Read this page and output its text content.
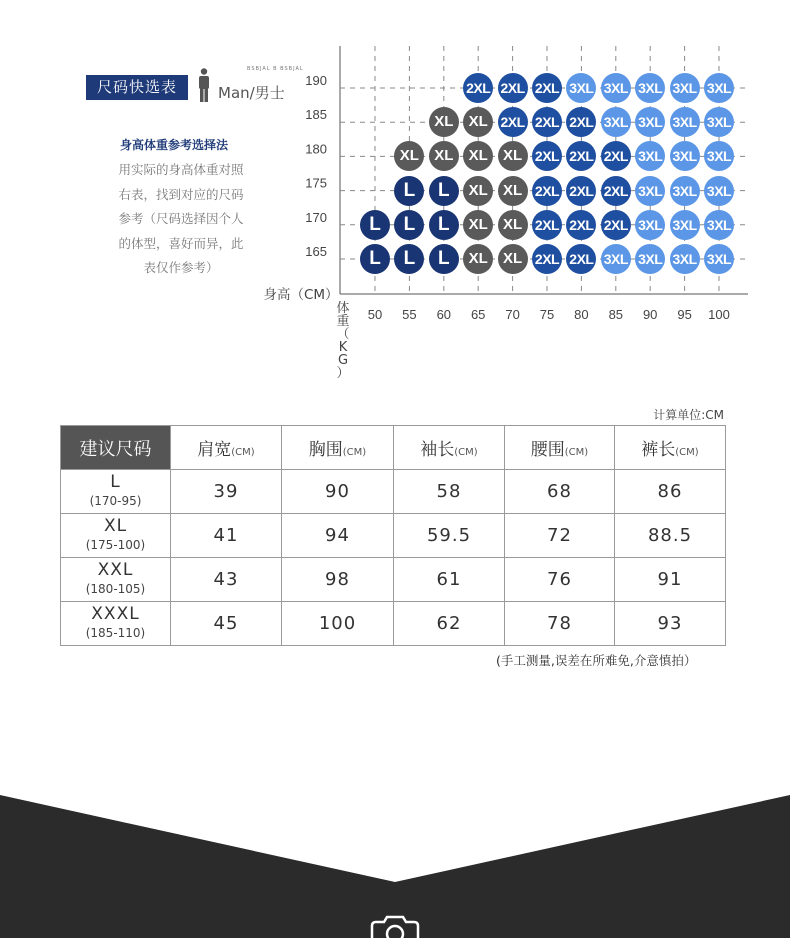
尺码快选表
BSBJAL B BSBJAL
Man/男士
身高体重参考选择法
用实际的身高体重对照
右表，找到对应的尺码
参考（尺码选择因个人
的体型，喜好而异，此
表仅作参考）
50 55 60 65 70 75 80 85 90 95 100
190
185
180
175
170
165
身高（CM）
体
重
（
K
G
）
2XL 2XL 2XL 3XL 3XL 3XL 3XL 3XL
XL	XL 2XL 2XL 2XL 3XL 3XL 3XL 3XL
XL	XL	XL	XL 2XL 2XL 2XL 3XL 3XL 3XL
L	L	XL	XL 2XL 2XL 2XL 3XL 3XL 3XL
L	L	L	XL	XL 2XL 2XL 2XL 3XL 3XL 3XL
L	L	L	XL	XL 2XL 2XL 3XL 3XL 3XL 3XL
计算单位:CM
建议尺码	肩宽(CM)	胸围(CM)	袖长(CM)	腰围(CM)	裤长(CM)
L
(170-95)	39	90	58	68	86
XL
(175-100)	41	94	59.5	72	88.5
XXL
(180-105)	43	98	61	76	91
XXXL
(185-110)	45	100	62	78	93
(手工测量,误差在所难免,介意慎拍）
